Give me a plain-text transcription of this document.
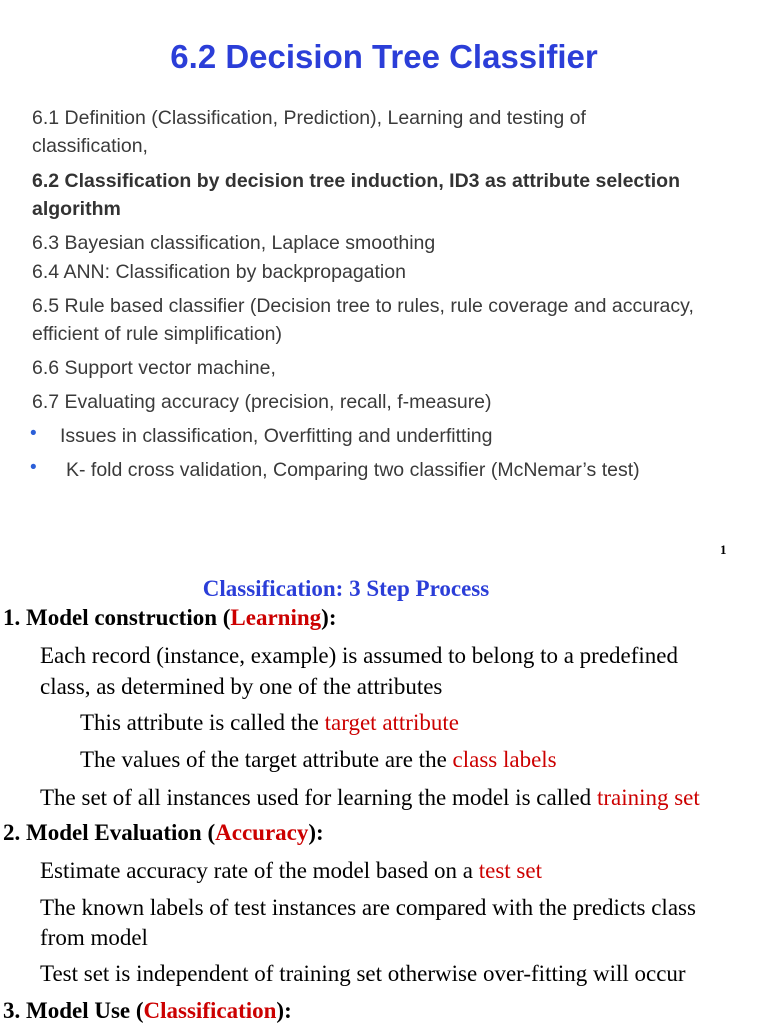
6.2 Decision Tree Classifier
6.1 Definition (Classification, Prediction), Learning and testing of
classification,
6.2 Classification by decision tree induction, ID3 as attribute selection
algorithm
6.3 Bayesian classification, Laplace smoothing
6.4 ANN: Classification by backpropagation
6.5 Rule based classifier (Decision tree to rules, rule coverage and accuracy,
efficient of rule simplification)
6.6 Support vector machine,
6.7 Evaluating accuracy (precision, recall, f-measure)
• Issues in classification, Overfitting and underfitting
• K- fold cross validation, Comparing two classifier (McNemar’s test)
1
Classification: 3 Step Process
1. Model construction (Learning):
Each record (instance, example) is assumed to belong to a predefined
class, as determined by one of the attributes
This attribute is called the target attribute
The values of the target attribute are the class labels
The set of all instances used for learning the model is called training set
2. Model Evaluation (Accuracy):
Estimate accuracy rate of the model based on a test set
The known labels of test instances are compared with the predicts class
from model
Test set is independent of training set otherwise over-fitting will occur
3. Model Use (Classification):
